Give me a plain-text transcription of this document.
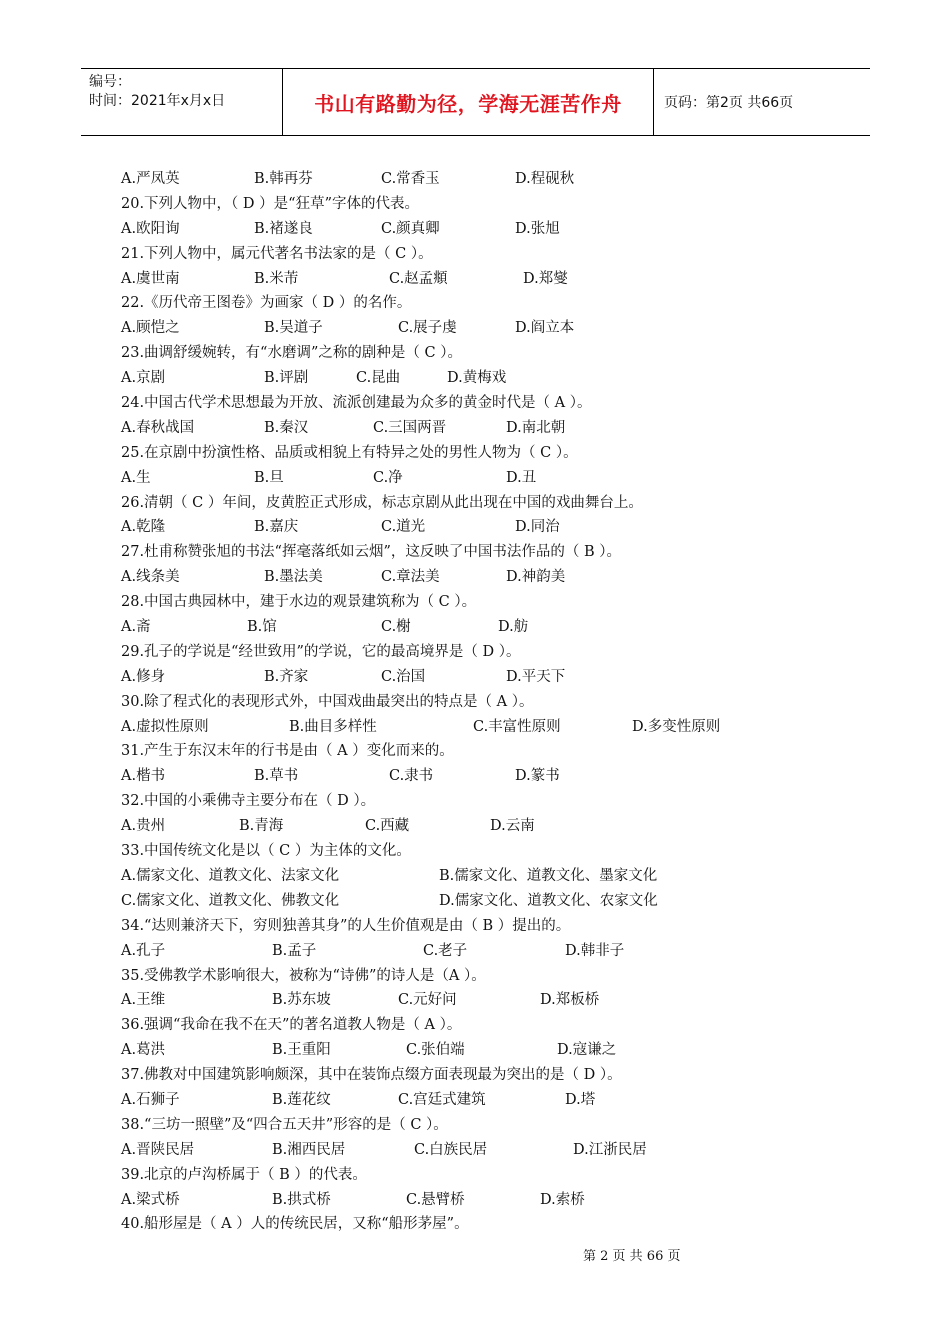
编号：
时间：2021年x月x日	书山有路勤为径，学海无涯苦作舟	页码：第2页 共66页
A.严凤英	B.韩再芬	C.常香玉	D.程砚秋
20.下列人物中，（ D ）是“狂草”字体的代表。
A.欧阳询	B.褚遂良	C.颜真卿	D.张旭
21.下列人物中，属元代著名书法家的是（ C ）。
A.虞世南	B.米芾	C.赵孟頫	D.郑燮
22.《历代帝王图卷》为画家（ D ）的名作。
A.顾恺之	B.吴道子	C.展子虔	D.阎立本
23.曲调舒缓婉转，有“水磨调”之称的剧种是（ C ）。
A.京剧	B.评剧	C.昆曲	D.黄梅戏
24.中国古代学术思想最为开放、流派创建最为众多的黄金时代是（ A ）。
A.春秋战国	B.秦汉	C.三国两晋	D.南北朝
25.在京剧中扮演性格、品质或相貌上有特异之处的男性人物为（ C ）。
A.生	B.旦	C.净	D.丑
26.清朝（ C ）年间，皮黄腔正式形成，标志京剧从此出现在中国的戏曲舞台上。
A.乾隆	B.嘉庆	C.道光	D.同治
27.杜甫称赞张旭的书法“挥毫落纸如云烟”，这反映了中国书法作品的（ B ）。
A.线条美	B.墨法美	C.章法美	D.神韵美
28.中国古典园林中，建于水边的观景建筑称为（ C ）。
A.斋	B.馆	C.榭	D.舫
29.孔子的学说是“经世致用”的学说，它的最高境界是（ D ）。
A.修身	B.齐家	C.治国	D.平天下
30.除了程式化的表现形式外，中国戏曲最突出的特点是（ A ）。
A.虚拟性原则	B.曲目多样性	C.丰富性原则	D.多变性原则
31.产生于东汉末年的行书是由（ A ）变化而来的。
A.楷书	B.草书	C.隶书	D.篆书
32.中国的小乘佛寺主要分布在（ D ）。
A.贵州	B.青海	C.西藏	D.云南
33.中国传统文化是以（ C ）为主体的文化。
A.儒家文化、道教文化、法家文化	B.儒家文化、道教文化、墨家文化
C.儒家文化、道教文化、佛教文化	D.儒家文化、道教文化、农家文化
34.“达则兼济天下，穷则独善其身”的人生价值观是由（ B ）提出的。
A.孔子	B.孟子	C.老子	D.韩非子
35.受佛教学术影响很大，被称为“诗佛”的诗人是（A ）。
A.王维	B.苏东坡	C.元好问	D.郑板桥
36.强调“我命在我不在天”的著名道教人物是（ A ）。
A.葛洪	B.王重阳	C.张伯端	D.寇谦之
37.佛教对中国建筑影响颇深，其中在装饰点缀方面表现最为突出的是（ D ）。
A.石狮子	B.莲花纹	C.宫廷式建筑	D.塔
38.“三坊一照壁”及“四合五天井”形容的是（ C ）。
A.晋陕民居	B.湘西民居	C.白族民居	D.江浙民居
39.北京的卢沟桥属于（ B ）的代表。
A.梁式桥	B.拱式桥	C.悬臂桥	D.索桥
40.船形屋是（ A ）人的传统民居，又称“船形茅屋”。
第 2 页 共 66 页
